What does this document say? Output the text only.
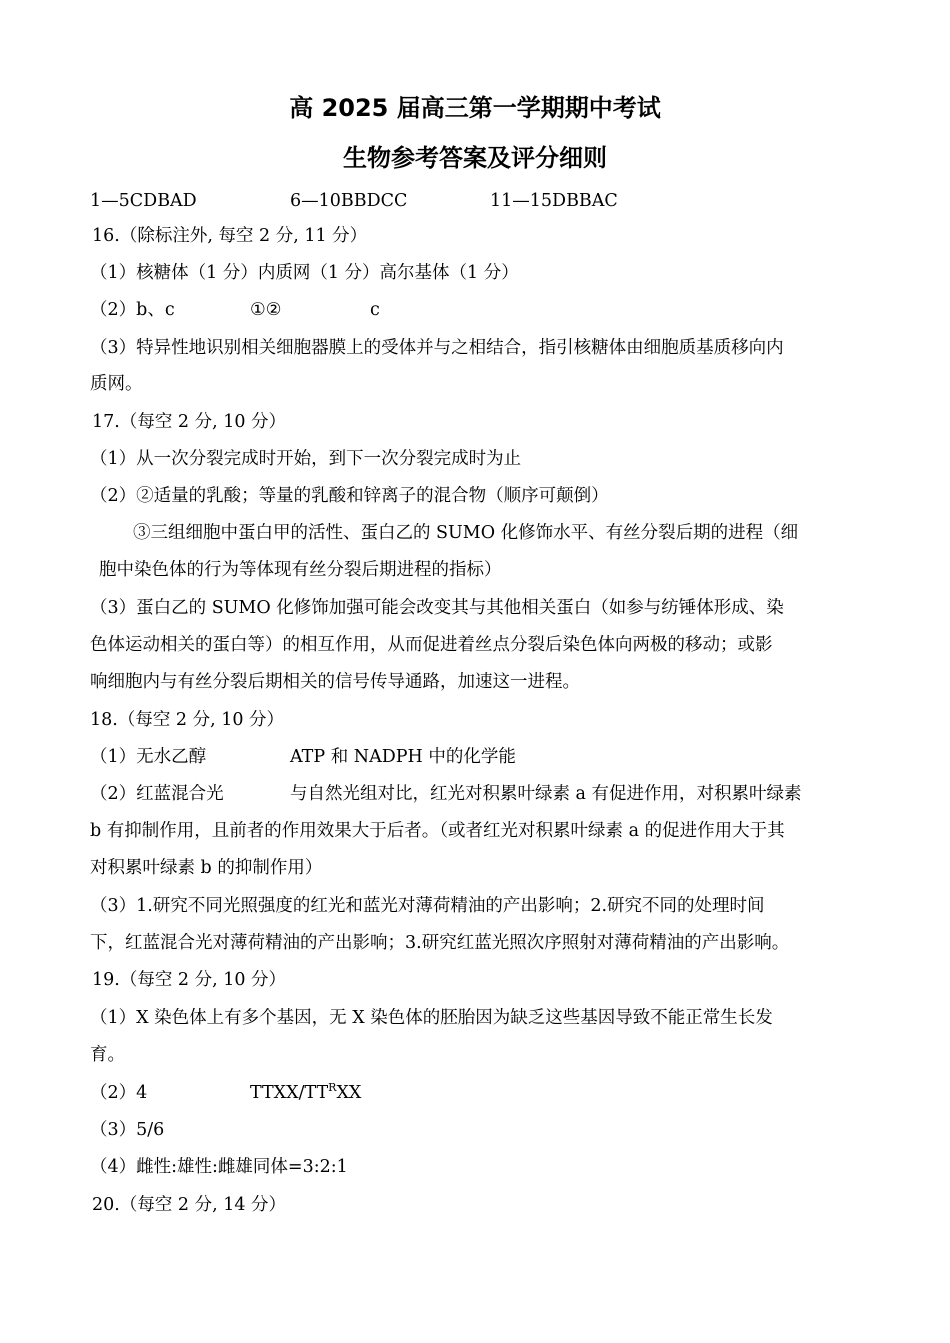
高 2025 届高三第一学期期中考试
生物参考答案及评分细则
1—5CDBAD	6—10BBDCC	11—15DBBAC
16.（除标注外, 每空 2 分, 11 分）
（1）核糖体（1 分）内质网（1 分）高尔基体（1 分）
（2）b、c	①②	c
（3）特异性地识别相关细胞器膜上的受体并与之相结合，指引核糖体由细胞质基质移向内
质网。
17.（每空 2 分, 10 分）
（1）从一次分裂完成时开始，到下一次分裂完成时为止
（2）②适量的乳酸；等量的乳酸和锌离子的混合物（顺序可颠倒）
③三组细胞中蛋白甲的活性、蛋白乙的 SUMO 化修饰水平、有丝分裂后期的进程（细
胞中染色体的行为等体现有丝分裂后期进程的指标）
（3）蛋白乙的 SUMO 化修饰加强可能会改变其与其他相关蛋白（如参与纺锤体形成、染
色体运动相关的蛋白等）的相互作用，从而促进着丝点分裂后染色体向两极的移动；或影
响细胞内与有丝分裂后期相关的信号传导通路，加速这一进程。
18.（每空 2 分, 10 分）
（1）无水乙醇	ATP 和 NADPH 中的化学能
（2）红蓝混合光	与自然光组对比，红光对积累叶绿素 a 有促进作用，对积累叶绿素
b 有抑制作用，且前者的作用效果大于后者。（或者红光对积累叶绿素 a 的促进作用大于其
对积累叶绿素 b 的抑制作用）
（3）1.研究不同光照强度的红光和蓝光对薄荷精油的产出影响；2.研究不同的处理时间
下，红蓝混合光对薄荷精油的产出影响；3.研究红蓝光照次序照射对薄荷精油的产出影响。
19.（每空 2 分, 10 分）
（1）X 染色体上有多个基因，无 X 染色体的胚胎因为缺乏这些基因导致不能正常生长发
育。
（2）4	TTXX/$TT^RXX$
（3）5/6
（4）雌性:雄性:雌雄同体=3:2:1
20.（每空 2 分, 14 分）
